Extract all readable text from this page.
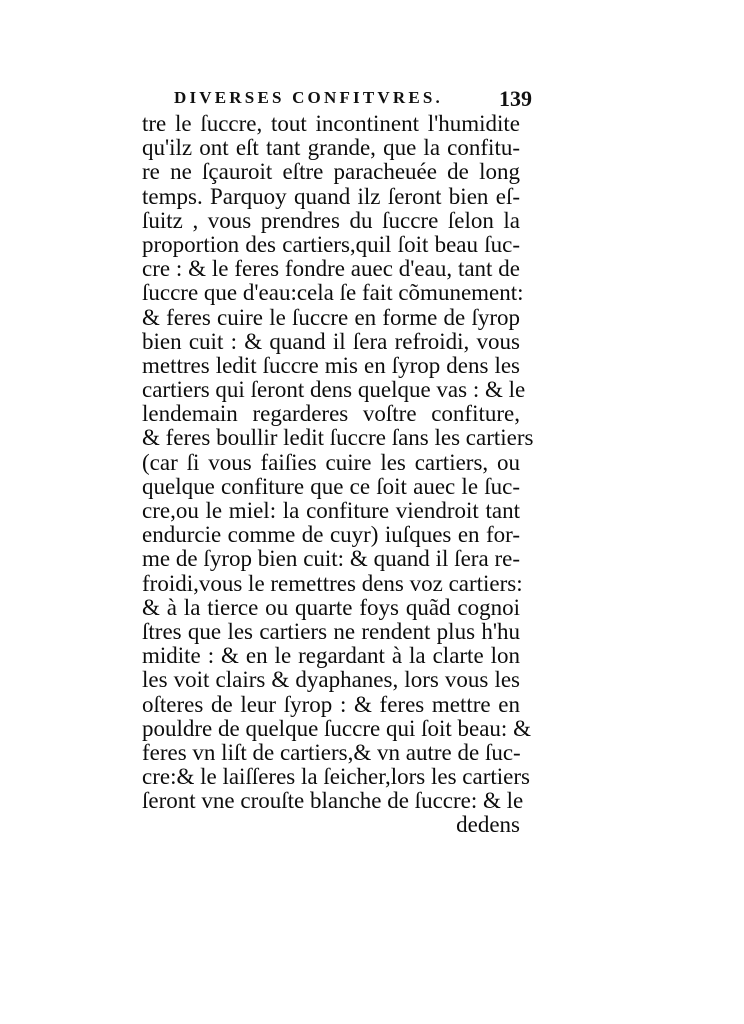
DIVERSES CONFITVRES.	139
tre le ſuccre, tout incontinent l'humidite
qu'ilz ont eſt tant grande, que la confitu-
re ne ſçauroit eſtre paracheuée de long
temps. Parquoy quand ilz ſeront bien eſ-
ſuitz , vous prendres du ſuccre ſelon la
proportion des cartiers,quil ſoit beau ſuc-
cre : & le feres fondre auec d'eau, tant de
ſuccre que d'eau:cela ſe fait cõmunement:
& feres cuire le ſuccre en forme de ſyrop
bien cuit : & quand il ſera refroidi, vous
mettres ledit ſuccre mis en ſyrop dens les
cartiers qui ſeront dens quelque vas : & le
lendemain regarderes voſtre confiture,
& feres boullir ledit ſuccre ſans les cartiers
(car ſi vous faiſies cuire les cartiers, ou
quelque confiture que ce ſoit auec le ſuc-
cre,ou le miel: la confiture viendroit tant
endurcie comme de cuyr) iuſques en for-
me de ſyrop bien cuit: & quand il ſera re-
froidi,vous le remettres dens voz cartiers:
& à la tierce ou quarte foys quãd cognoi
ſtres que les cartiers ne rendent plus h'hu
midite : & en le regardant à la clarte lon
les voit clairs & dyaphanes, lors vous les
oſteres de leur ſyrop : & feres mettre en
pouldre de quelque ſuccre qui ſoit beau: &
feres vn liſt de cartiers,& vn autre de ſuc-
cre:& le laiſſeres la ſeicher,lors les cartiers
ſeront vne crouſte blanche de ſuccre: & le
dedens
